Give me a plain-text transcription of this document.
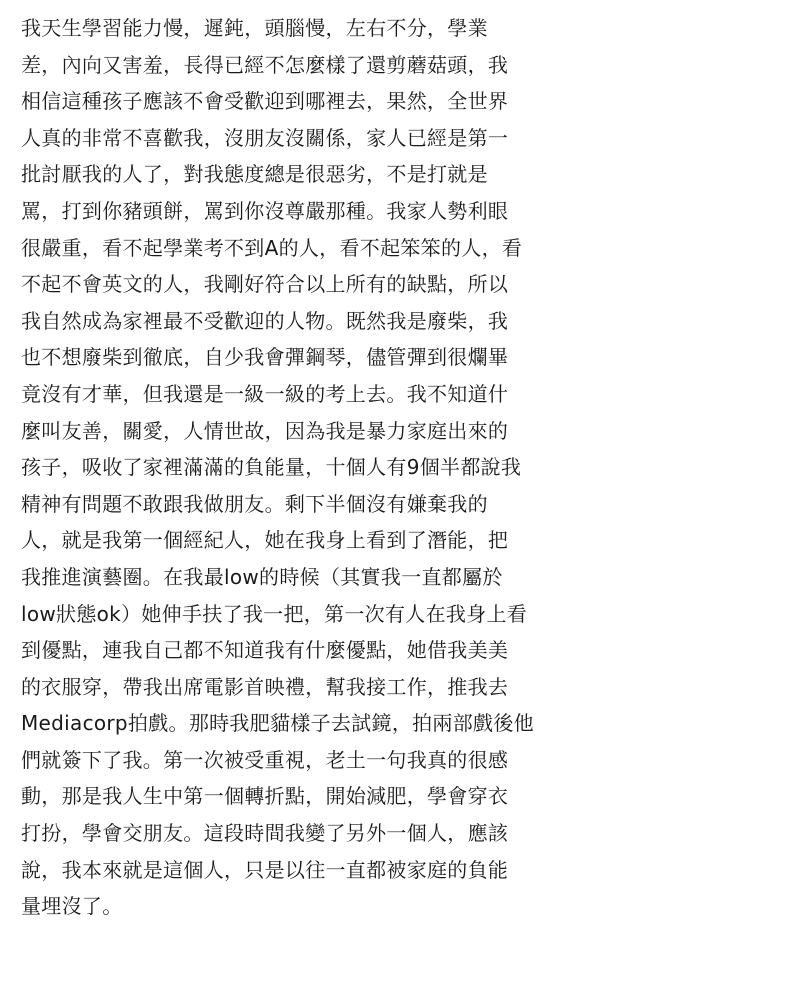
我天生學習能力慢，遲鈍，頭腦慢，左右不分，學業
差，內向又害羞，長得已經不怎麼樣了還剪蘑菇頭，我
相信這種孩子應該不會受歡迎到哪裡去，果然，全世界
人真的非常不喜歡我，沒朋友沒關係，家人已經是第一
批討厭我的人了，對我態度總是很惡劣，不是打就是
罵，打到你豬頭餅，罵到你沒尊嚴那種。我家人勢利眼
很嚴重，看不起學業考不到A的人，看不起笨笨的人，看
不起不會英文的人，我剛好符合以上所有的缺點，所以
我自然成為家裡最不受歡迎的人物。既然我是廢柴，我
也不想廢柴到徹底，自少我會彈鋼琴，儘管彈到很爛畢
竟沒有才華，但我還是一級一級的考上去。我不知道什
麼叫友善，關愛，人情世故，因為我是暴力家庭出來的
孩子，吸收了家裡滿滿的負能量，十個人有9個半都說我
精神有問題不敢跟我做朋友。剩下半個沒有嫌棄我的
人，就是我第一個經紀人，她在我身上看到了潛能，把
我推進演藝圈。在我最low的時候（其實我一直都屬於
low狀態ok）她伸手扶了我一把，第一次有人在我身上看
到優點，連我自己都不知道我有什麼優點，她借我美美
的衣服穿，帶我出席電影首映禮，幫我接工作，推我去
Mediacorp拍戲。那時我肥貓樣子去試鏡，拍兩部戲後他
們就簽下了我。第一次被受重視，老土一句我真的很感
動，那是我人生中第一個轉折點，開始減肥，學會穿衣
打扮，學會交朋友。這段時間我變了另外一個人，應該
說，我本來就是這個人，只是以往一直都被家庭的負能
量埋沒了。
